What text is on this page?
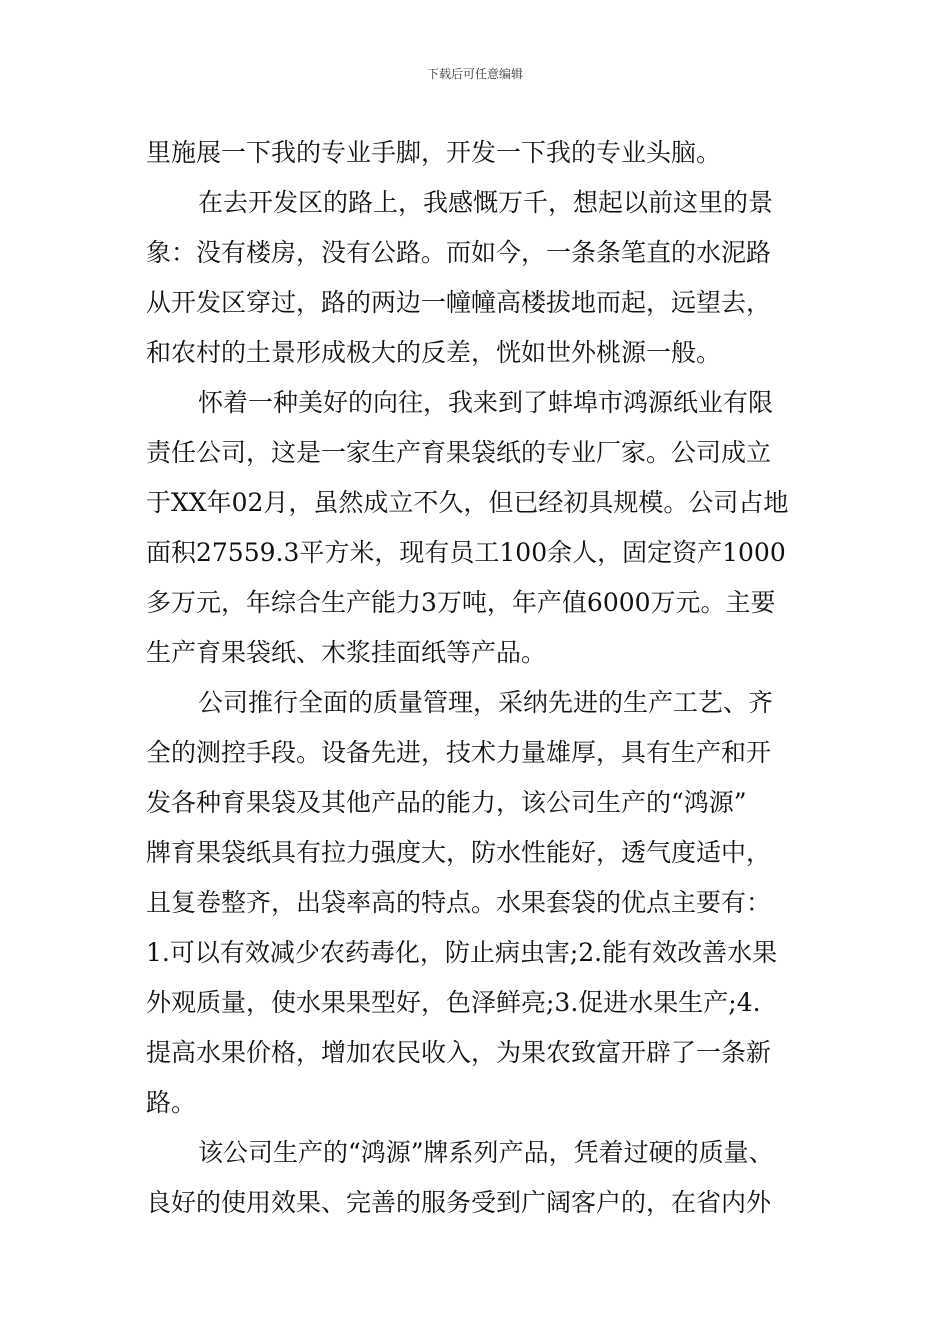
下载后可任意编辑
里施展一下我的专业手脚，开发一下我的专业头脑。
在去开发区的路上，我感慨万千，想起以前这里的景
象：没有楼房，没有公路。而如今，一条条笔直的水泥路
从开发区穿过，路的两边一幢幢高楼拔地而起，远望去，
和农村的土景形成极大的反差，恍如世外桃源一般。
怀着一种美好的向往，我来到了蚌埠市鸿源纸业有限
责任公司，这是一家生产育果袋纸的专业厂家。公司成立
于XX年02月，虽然成立不久，但已经初具规模。公司占地
面积27559.3平方米，现有员工100余人，固定资产1000
多万元，年综合生产能力3万吨，年产值6000万元。主要
生产育果袋纸、木浆挂面纸等产品。
公司推行全面的质量管理，采纳先进的生产工艺、齐
全的测控手段。设备先进，技术力量雄厚，具有生产和开
发各种育果袋及其他产品的能力，该公司生产的“鸿源”
牌育果袋纸具有拉力强度大，防水性能好，透气度适中，
且复卷整齐，出袋率高的特点。水果套袋的优点主要有：
1.可以有效减少农药毒化，防止病虫害;2.能有效改善水果
外观质量，使水果果型好，色泽鲜亮;3.促进水果生产;4.
提高水果价格，增加农民收入，为果农致富开辟了一条新
路。
该公司生产的“鸿源”牌系列产品，凭着过硬的质量、
良好的使用效果、完善的服务受到广阔客户的，在省内外
